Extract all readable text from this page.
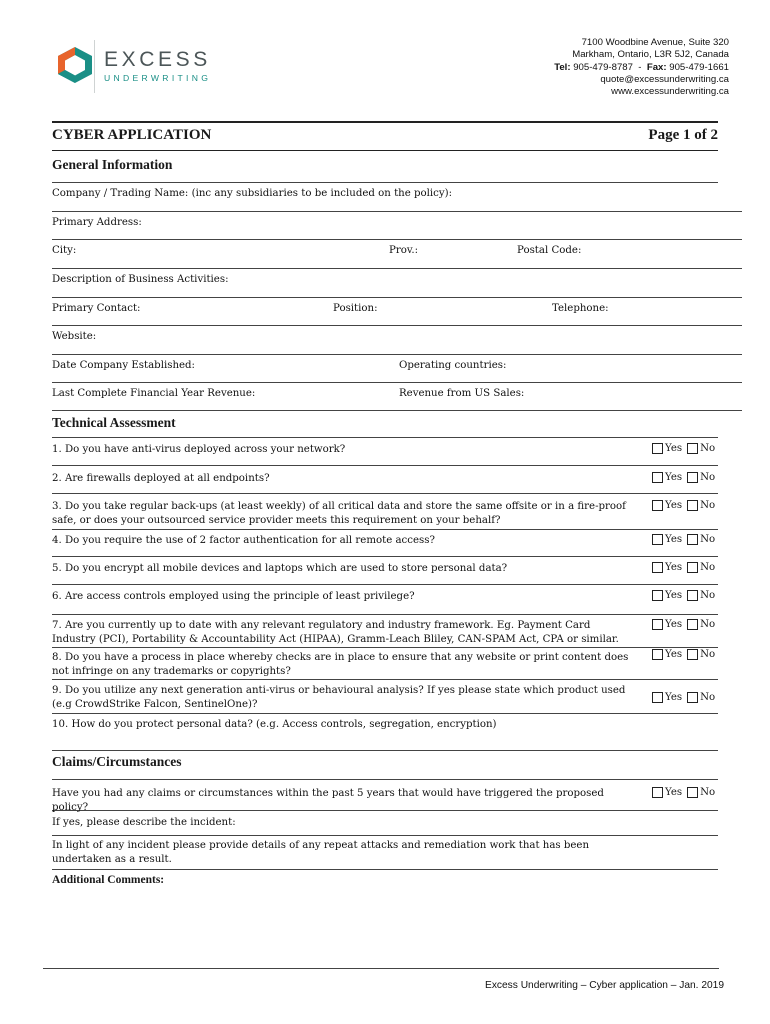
EXCESS
UNDERWRITING
7100 Woodbine Avenue, Suite 320
Markham, Ontario, L3R 5J2, Canada
Tel: 905-479-8787 - Fax: 905-479-1661
quote@excessunderwriting.ca
www.excessunderwriting.ca
CYBER APPLICATION	Page 1 of 2
General Information
Company / Trading Name: (inc any subsidiaries to be included on the policy):
Primary Address:
City:	Prov.:	Postal Code:
Description of Business Activities:
Primary Contact:	Position:	Telephone:
Website:
Date Company Established:	Operating countries:
Last Complete Financial Year Revenue:	Revenue from US Sales:
Technical Assessment
1. Do you have anti-virus deployed across your network?	Yes No
2. Are firewalls deployed at all endpoints?	Yes No
3. Do you take regular back-ups (at least weekly) of all critical data and store the same offsite or in a fire-proof safe, or does your outsourced service provider meets this requirement on your behalf?
Yes No
4. Do you require the use of 2 factor authentication for all remote access?	Yes No
5. Do you encrypt all mobile devices and laptops which are used to store personal data?	Yes No
6. Are access controls employed using the principle of least privilege?	Yes No
7. Are you currently up to date with any relevant regulatory and industry framework. Eg. Payment Card Industry (PCI), Portability & Accountability Act (HIPAA), Gramm-Leach Bliley, CAN-SPAM Act, CPA or similar.
Yes No
8. Do you have a process in place whereby checks are in place to ensure that any website or print content does not infringe on any trademarks or copyrights?
Yes No
9. Do you utilize any next generation anti-virus or behavioural analysis? If yes please state which product used (e.g CrowdStrike Falcon, SentinelOne)?
Yes No
10. How do you protect personal data? (e.g. Access controls, segregation, encryption)
Claims/Circumstances
Have you had any claims or circumstances within the past 5 years that would have triggered the proposed policy?
Yes No
If yes, please describe the incident:
In light of any incident please provide details of any repeat attacks and remediation work that has been undertaken as a result.
Additional Comments:
Excess Underwriting – Cyber application – Jan. 2019
